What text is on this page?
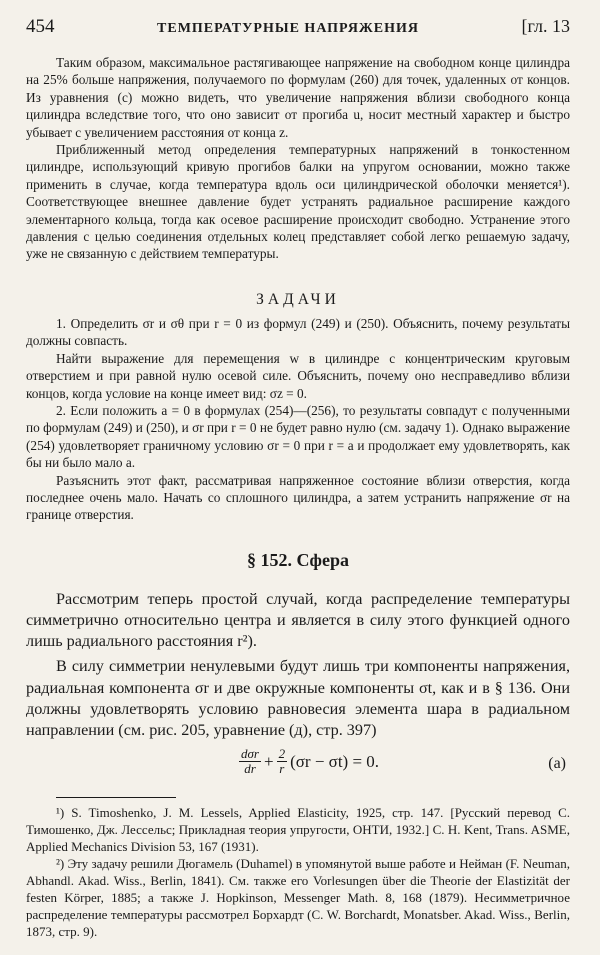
454	ТЕМПЕРАТУРНЫЕ НАПРЯЖЕНИЯ	[гл. 13

Таким образом, максимальное растягивающее напряжение на свободном конце цилиндра на 25% больше напряжения, получаемого по формулам (260) для точек, удаленных от концов. Из уравнения (с) можно видеть, что увеличение напряжения вблизи свободного конца цилиндра вследствие того, что оно зависит от прогиба u, носит местный характер и быстро убывает с увеличением расстояния от конца z.

Приближенный метод определения температурных напряжений в тонкостенном цилиндре, использующий кривую прогибов балки на упругом основании, можно также применить в случае, когда температура вдоль оси цилиндрической оболочки меняется¹). Соответствующее внешнее давление будет устранять радиальное расширение каждого элементарного кольца, тогда как осевое расширение происходит свободно. Устранение этого давления с целью соединения отдельных колец представляет собой легко решаемую задачу, уже не связанную с действием температуры.

ЗАДАЧИ

1. Определить σr и σθ при r = 0 из формул (249) и (250). Объяснить, почему результаты должны совпасть.

Найти выражение для перемещения w в цилиндре с концентрическим круговым отверстием и при равной нулю осевой силе. Объяснить, почему оно несправедливо вблизи концов, когда условие на конце имеет вид: σz = 0.

2. Если положить a = 0 в формулах (254)—(256), то результаты совпадут с полученными по формулам (249) и (250), и σr при r = 0 не будет равно нулю (см. задачу 1). Однако выражение (254) удовлетворяет граничному условию σr = 0 при r = a и продолжает ему удовлетворять, как бы ни было мало a.

Разъяснить этот факт, рассматривая напряженное состояние вблизи отверстия, когда последнее очень мало. Начать со сплошного цилиндра, а затем устранить напряжение σr на границе отверстия.

§ 152. Сфера

Рассмотрим теперь простой случай, когда распределение температуры симметрично относительно центра и является в силу этого функцией одного лишь радиального расстояния r²).

В силу симметрии ненулевыми будут лишь три компоненты напряжения, радиальная компонента σr и две окружные компоненты σt, как и в § 136. Они должны удовлетворять условию равновесия элемента шара в радиальном направлении (см. рис. 205, уравнение (д), стр. 397)

$\frac{\text{dσr}}{dr} + \frac{2}{r} (\sigma r - \sigma t) = 0$.	(a)

¹) S. Timoshenko, J. M. Lessels, Applied Elasticity, 1925, стр. 147. [Русский перевод С. Тимошенко, Дж. Лессельс; Прикладная теория упругости, ОНТИ, 1932.] C. H. Kent, Trans. ASME, Applied Mechanics Division 53, 167 (1931).

²) Эту задачу решили Дюгамель (Duhamel) в упомянутой выше работе и Нейман (F. Neuman, Abhandl. Akad. Wiss., Berlin, 1841). См. также его Vorlesungen über die Theorie der Elastizität der festen Körper, 1885; а также J. Hopkinson, Messenger Math. 8, 168 (1879). Несимметричное распределение температуры рассмотрел Борхардт (C. W. Borchardt, Monatsber. Akad. Wiss., Berlin, 1873, стр. 9).
